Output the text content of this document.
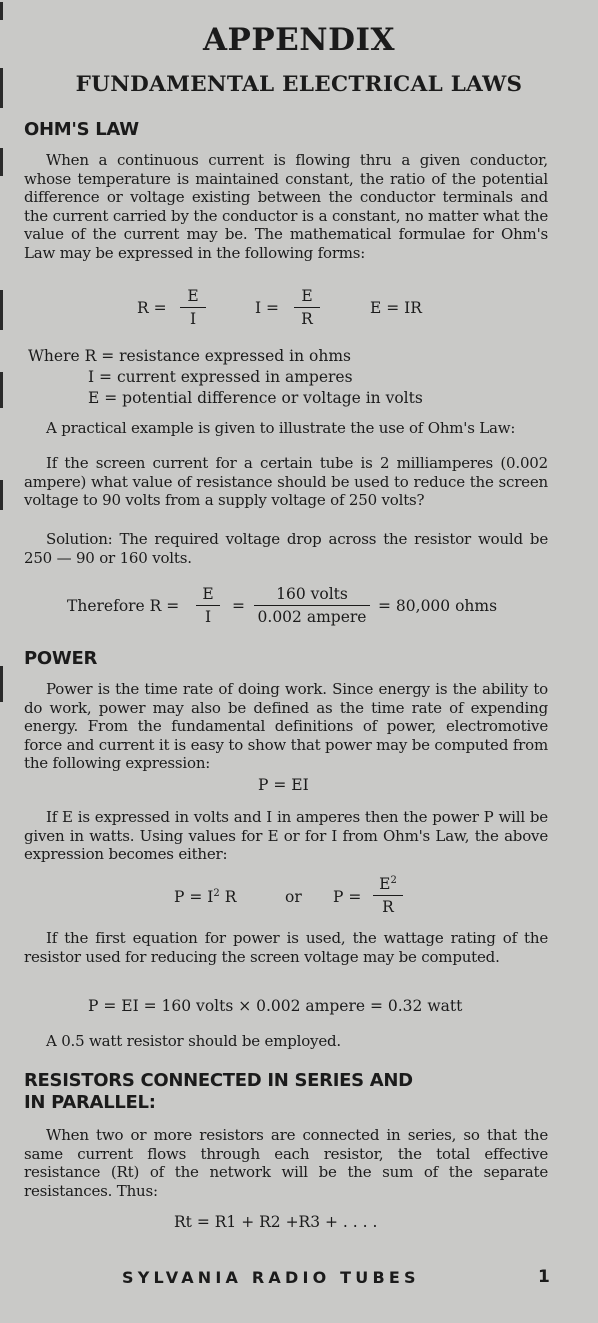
APPENDIX
FUNDAMENTAL ELECTRICAL LAWS
OHM'S LAW
When a continuous current is flowing thru a given conductor, whose temperature is maintained constant, the ratio of the potential difference or voltage existing between the conductor terminals and the current carried by the conductor is a constant, no matter what the value of the current may be. The mathematical formulae for Ohm's Law may be expressed in the following forms:
R =
E
I
I =
E
R
E = IR
Where R = resistance expressed in ohms
I = current expressed in amperes
E = potential difference or voltage in volts
A practical example is given to illustrate the use of Ohm's Law:
If the screen current for a certain tube is 2 milliamperes (0.002 ampere) what value of resistance should be used to reduce the screen voltage to 90 volts from a supply voltage of 250 volts?
Solution: The required voltage drop across the resistor would be 250 — 90 or 160 volts.
Therefore R =
E
I
=
160 volts
0.002 ampere
= 80,000 ohms
POWER
Power is the time rate of doing work. Since energy is the ability to do work, power may also be defined as the time rate of expending energy. From the fundamental definitions of power, electromotive force and current it is easy to show that power may be computed from the following expression:
P = EI
If E is expressed in volts and I in amperes then the power P will be given in watts. Using values for E or for I from Ohm's Law, the above expression becomes either:
$P = I^2$ R	or P =
$E^2$
R
If the first equation for power is used, the wattage rating of the resistor used for reducing the screen voltage may be computed.
P = EI = 160 volts × 0.002 ampere = 0.32 watt
A 0.5 watt resistor should be employed.
RESISTORS CONNECTED IN SERIES AND
IN PARALLEL:
When two or more resistors are connected in series, so that the same current flows through each resistor, the total effective resistance (Rt) of the network will be the sum of the separate resistances. Thus:
Rt = R1 + R2 +R3 + . . . .
SYLVANIA RADIO TUBES	1
